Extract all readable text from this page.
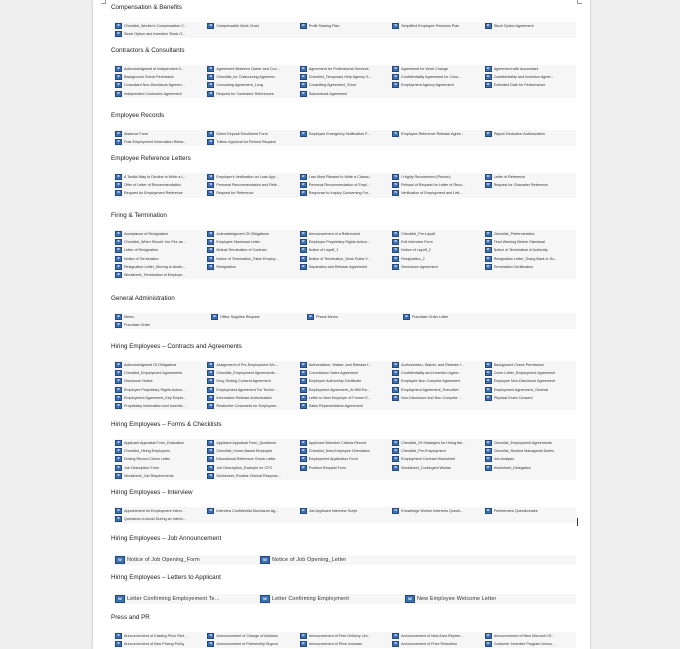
Compensation & Benefits
W	Checklist_Worker's Compensation C...	W	Compensable Work Chart	W	Profit Sharing Plan	W	Simplified Employee Pensions Plan	W	Stock Option Agreement
W	Stock Option and Incentive Stock O...
Contractors & Consultants
W	Acknowledgment of Independent C...	W	Agreement Between Owner and Con...	W	Agreement for Professional Services	W	Agreement for Work Change	W	Agreement with Accountant
W	Background Check Permission	W	Checklist_for Outsourcing Agreeme...	W	Checklist_Temporary Help Agency S...	W	Confidentiality Agreement for Cons...	W	Confidentiality and Invention Agree...
W	Consultant Non-Disclosure Agreem...	W	Consulting Agreement_Long	W	Consulting Agreement_Short	W	Employment Agency Agreement	W	Extended Date for Performance
W	Independent Contractor Agreement	W	Request for Contractor References	W	Subcontract Agreement
Employee Records
W	Absence Form	W	Direct Deposit Enrollment Form	W	Employee Emergency Notification F...	W	Employee Reference Release Agree...	W	Payroll Deduction Authorization
W	Post-Employment Information Relea...	W	Tuition Approval for Refund Request
Employee Reference Letters
W	A Tactful Way to Decline to Write a L...	W	Employer's Verification on Loan App...	W	I am Most Pleased to Write a Charac...	W	I Highly Recommend (Person)	W	Letter of Reference
W	Offer of Letter of Recommendation	W	Personal Recommendation and Refe...	W	Personal Recommendation of Empl...	W	Refusal of Request for Letter of Reco...	W	Request for Character Reference
W	Request for Employment Reference	W	Request for Reference	W	Response to Inquiry Concerning For...	W	Verification of Employment and Lett...
Firing & Termination
W	Acceptance of Resignation	W	Acknowledgment Of Obligations	W	Announcement of a Retirement	W	Checklist_Pre-Layoff	W	Checklist_Pretermination
W	Checklist_When Should You Fire an ...	W	Employee Dismissal Letter	W	Employee Proprietary Rights Ackno...	W	Exit Interview Form	W	Final Warning Before Dismissal
W	Letter of Resignation	W	Mutual Termination of Contract	W	Notice of Layoff_1	W	Notice of Layoff_2	W	Notice of Termination of Authority
W	Notice of Termination	W	Notice of Termination_False Employ...	W	Notice of Termination_Work Rules V...	W	Resignation_2	W	Resignation Letter_Going Back to Sc...
W	Resignation Letter_Moving to Anoth...	W	Resignation	W	Separation and Release Agreement	W	Severance Agreement	W	Termination Certification
W	Worksheet_Termination of Employe...
General Administration
W	Memo	W	Office Supplies Request	W	Phone Memo	W	Purchase Order Letter
W	Purchase Order
Hiring Employees – Contracts and Agreements
W	Acknowledgment Of Obligations	W	Assignment of Pre-Employment Wo...	W	Authorization, Waiver, and Release f...	W	Authorization, Waiver, and Release f...	W	Background Check Permission
W	Checklist_Employment Agreements	W	Checklist_Employment Agreements ...	W	Commission Sales Agreement	W	Confidentiality and Invention Agree...	W	Cover Letter_Employment Agreement
W	Disclosure Notice	W	Drug Testing Consent Agreement	W	Employee Authorship Certificate	W	Employee Non-Compete Agreement	W	Employee Non-Disclosure Agreement
W	Employee Proprietary Rights Ackno...	W	Employment Agreement For Techni...	W	Employment Agreement_At Will Em...	W	Employment Agreement_Executive	W	Employment Agreement_General
W	Employment Agreement_Key Emplo...	W	Information Release Authorization	W	Letter to New Employer of Former E...	W	Non-Disclosure and Non-Compete ...	W	Physical Exam Consent
W	Proprietary Information and Inventio...	W	Restrictive Covenants for Employme...	W	Sales Representative Agreement
Hiring Employees – Forms & Checklists
W	Applicant Appraisal Form_Evaluation	W	Applicant Appraisal Form_Questions	W	Applicant Selection Criteria Record	W	Checklist_29 Strategies for Hiring the...	W	Checklist_Employment Agreements
W	Checklist_Hiring Employees	W	Checklist_Home-Based Employee	W	Checklist_New-Employee Orientation	W	Checklist_Pre-Employment	W	Checklist_Routine Managerial Duties
W	Driving Record Check Letter	W	Educational Reference Check Letter	W	Employment Application Form	W	Employment Contract Worksheet	W	Job Analysis
W	Job Description Form	W	Job Description_Example for CFO	W	Position Request Form	W	Worksheet_Contingent Worker	W	Worksheet_Delegation
W	Worksheet_Job Requirements	W	Worksheet_Routine Clerical Respons...
Hiring Employees – Interview
W	Appointment for Employment Interv...	W	Interview Confidential Disclosure Ag...	W	Job Applicant Interview Script	W	Knowledge Worker Interview Questi...	W	Preinterview Questionnaire
W	Questions to Avoid During an Intervi...
Hiring Employees – Job Announcement
W Notice of Job Opening_Form	W Notice of Job Opening_Letter
Hiring Employees – Letters to Applicant
W Letter Confirming Employement Te...	W Letter Confirming Employment	W New Employee Welcome Letter
Press and PR
W	Announcement of Catalog Price Red...	W	Announcement of Change of Address	W	Announcement of Free Delivery Lim...	W	Announcement of New Area Repres...	W	Announcement of New Discount Of...
W	Announcement of New Pricing Policy	W	Announcement of Partnership Buyout	W	Announcement of Price Increase	W	Announcement of Price Reduction	W	Customer Incentive Program Annou...
